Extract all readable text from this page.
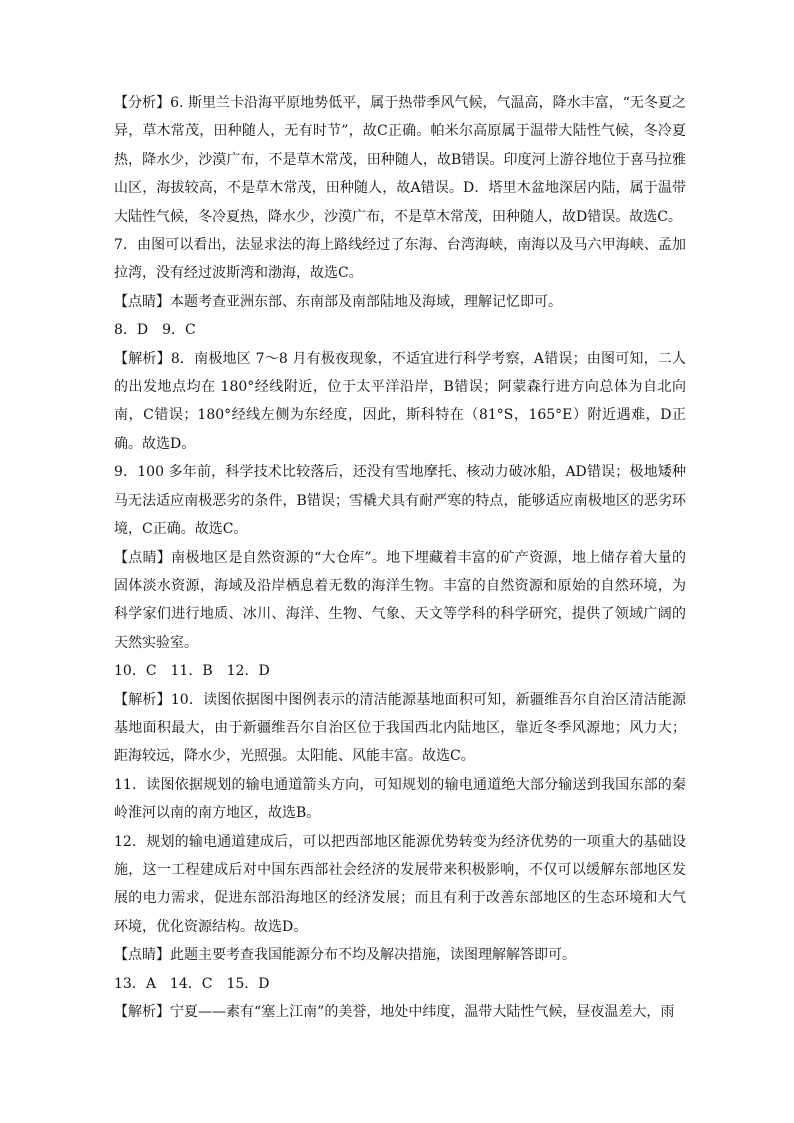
【分析】6. 斯里兰卡沿海平原地势低平，属于热带季风气候，气温高，降水丰富，“无冬夏之异，草木常茂，田种随人，无有时节”，故C正确。帕米尔高原属于温带大陆性气候，冬冷夏热，降水少，沙漠广布，不是草木常茂，田种随人，故B错误。印度河上游谷地位于喜马拉雅山区，海拔较高，不是草木常茂，田种随人，故A错误。D．塔里木盆地深居内陆，属于温带大陆性气候，冬冷夏热，降水少，沙漠广布，不是草木常茂，田种随人，故D错误。故选C。

7．由图可以看出，法显求法的海上路线经过了东海、台湾海峡，南海以及马六甲海峡、孟加拉湾，没有经过波斯湾和渤海，故选C。

【点睛】本题考查亚洲东部、东南部及南部陆地及海域，理解记忆即可。

8．D　9．C

【解析】8．南极地区 7～8 月有极夜现象，不适宜进行科学考察，A错误；由图可知，二人的出发地点均在 180°经线附近，位于太平洋沿岸，B错误；阿蒙森行进方向总体为自北向南，C错误；180°经线左侧为东经度，因此，斯科特在（81°S，165°E）附近遇难，D正确。故选D。

9．100 多年前，科学技术比较落后，还没有雪地摩托、核动力破冰船，AD错误；极地矮种马无法适应南极恶劣的条件，B错误；雪橇犬具有耐严寒的特点，能够适应南极地区的恶劣环境，C正确。故选C。

【点睛】南极地区是自然资源的“大仓库”。地下埋藏着丰富的矿产资源，地上储存着大量的固体淡水资源，海域及沿岸栖息着无数的海洋生物。丰富的自然资源和原始的自然环境，为科学家们进行地质、冰川、海洋、生物、气象、天文等学科的科学研究，提供了领域广阔的天然实验室。

10．C　11．B　12．D

【解析】10．读图依据图中图例表示的清洁能源基地面积可知，新疆维吾尔自治区清洁能源基地面积最大，由于新疆维吾尔自治区位于我国西北内陆地区，靠近冬季风源地；风力大；距海较远，降水少，光照强。太阳能、风能丰富。故选C。

11．读图依据规划的输电通道箭头方向，可知规划的输电通道绝大部分输送到我国东部的秦岭淮河以南的南方地区，故选B。

12．规划的输电通道建成后，可以把西部地区能源优势转变为经济优势的一项重大的基础设施，这一工程建成后对中国东西部社会经济的发展带来积极影响，不仅可以缓解东部地区发展的电力需求，促进东部沿海地区的经济发展；而且有利于改善东部地区的生态环境和大气环境，优化资源结构。故选D。

【点睛】此题主要考查我国能源分布不均及解决措施，读图理解解答即可。

13．A　14．C　15．D

【解析】宁夏——素有“塞上江南”的美誉，地处中纬度，温带大陆性气候，昼夜温差大，雨
